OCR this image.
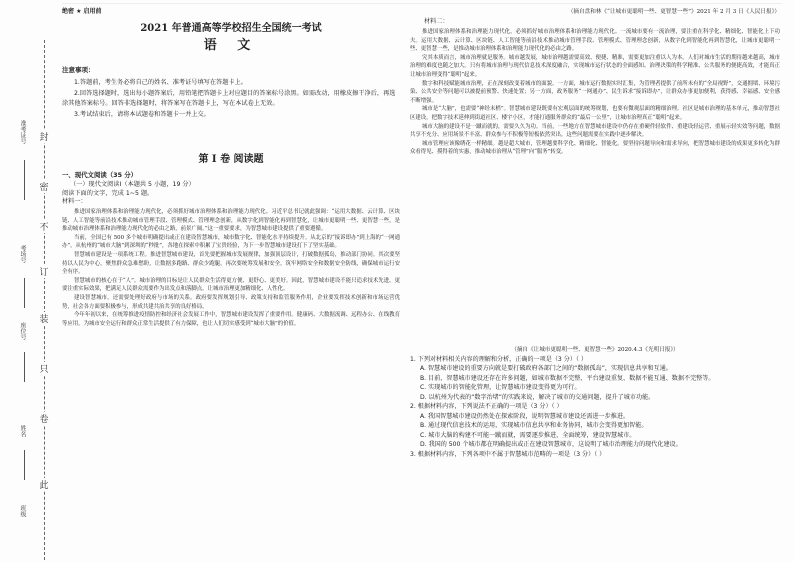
封
密
不
订
装
只
卷
此
准考证号
考场号
座位号
姓名
班级
绝密 ★ 启用前
2021 年普通高等学校招生全国统一考试
语 文
注意事项：

1.答题前，考生务必将自己的姓名、准考证号填写在答题卡上。

2.回答选择题时，选出每小题答案后，用铅笔把答题卡上对应题目的答案标号涂黑。如需改动，用橡皮擦干净后，再选涂其他答案标号。回答非选择题时，将答案写在答题卡上，写在本试卷上无效。

3.考试结束后，请将本试题卷和答题卡一并上交。

第 Ⅰ 卷 阅读题
一、现代文阅读（35 分）
（一）现代文阅读Ⅰ（本题共 5 小题，19 分）
阅读下面的文字，完成 1~5 题。
材料一：

推进国家治理体系和治理能力现代化，必须抓好城市治理体系和治理能力现代化。习近平总书记就此强调：“运用大数据、云计算、区块链、人工智能等前沿技术推动城市管理手段、管理模式、管理理念创新，从数字化到智能化再到智慧化，让城市更聪明一些、更智慧一些，是推动城市治理体系和治理能力现代化的必由之路，前景广阔。”这一重要要求，为智慧城市建设提供了重要遵循。

当前，全国已有 500 多个城市明确提出或正在建设智慧城市，城市数字化、智能化水平持续提升。从北京的“接诉即办”到上海的“一网通办”，从杭州的“城市大脑”到深圳的“秒批”，各地在探索中积累了宝贵经验，为下一步智慧城市建设打下了坚实基础。

智慧城市建设是一项系统工程。推进智慧城市建设，首先要把握城市发展规律，加强顶层设计，打破数据孤岛，推动部门协同。其次要坚持以人民为中心，聚焦群众急难愁盼，让数据多跑路、群众少跑腿。再次要统筹发展和安全，筑牢网络安全和数据安全防线，确保城市运行安全有序。

智慧城市的核心在于“人”。城市治理的目标是让人民群众生活得更方便、更舒心、更美好。因此，智慧城市建设不能只追求技术先进，更要注重实际效果，把满足人民群众需要作为出发点和落脚点，让城市治理更加精细化、人性化。

建设智慧城市，还需要处理好政府与市场的关系。政府要发挥规划引导、政策支持和监管服务作用，企业要发挥技术创新和市场运营优势，社会各方面要积极参与，形成共建共治共享的良好格局。

今年年初以来，在统筹推进疫情防控和经济社会发展工作中，智慧城市建设发挥了重要作用。健康码、大数据流调、远程办公、在线教育等应用，为城市安全运行和群众正常生活提供了有力保障，也让人们切实感受到“城市大脑”的价值。

（摘自盘和林《“让城市更聪明一些、更智慧一些”》2021 年 2 月 3 日《人民日报》）
材料二：

推进国家治理体系和治理能力现代化，必须抓好城市治理体系和治理能力现代化。一流城市要有一流治理，要注重在科学化、精细化、智能化上下功夫。运用大数据、云计算、区块链、人工智能等前沿技术推动城市管理手段、管理模式、管理理念创新，从数字化到智能化再到智慧化，让城市更聪明一些、更智慧一些，是推动城市治理体系和治理能力现代化的必由之路。

究其本质而言，城市治理就是服务。城市越发展，城市治理越需要高效、便捷、精准，需要更加注重以人为本。人们对城市生活的期待越来越高，城市治理的难度也随之加大。只有将城市治理与现代信息技术深度融合，实现城市运行状态的全面感知、治理决策的科学精准、公共服务的便捷高效，才能真正让城市治理变得“聪明”起来。

数字和科技赋能城市治理，正在深刻改变着城市的面貌。一方面，城市运行数据实时汇集，为管理者提供了前所未有的“全局视野”，交通拥堵、环境污染、公共安全等问题可以被提前预警、快速处置；另一方面，政务服务“一网通办”、民生诉求“接诉即办”，让群众办事更加便利，获得感、幸福感、安全感不断增强。

城市是“大脑”，也需要“神经末梢”。智慧城市建设既要有宏观层面的统筹规划，也要有微观层面的精细治理。社区是城市治理的基本单元，推动智慧社区建设，把数字技术延伸到街道社区、楼宇小区，才能打通服务群众的“最后一公里”，让城市治理真正“聪明”起来。

城市大脑的建设不是一蹴而就的，需要久久为功。当前，一些地方在智慧城市建设中仍存在重硬件轻软件、重建设轻运营、重展示轻实效等问题，数据共享不充分、应用场景不丰富、群众参与不积极等短板依然突出。这些问题需要在实践中逐步解决。

城市管理应该像绣花一样精细。越是超大城市，管理越要科学化、精细化、智能化。要坚持问题导向和需求导向，把智慧城市建设的成果更多转化为群众看得见、摸得着的实惠，推动城市治理从“管理”向“服务”转变。

（摘自《让城市更聪明一些、更智慧一些》2020.4.3《光明日报》）

1. 下列对材料相关内容的理解和分析，正确的一项是（3 分）（ ）

A. 智慧城市建设的重要方向就是要打破政府各部门之间的“数据孤岛”，实现信息共享和互通。

B. 目前，智慧城市建设还存在许多问题，如城市数据不完整、平台建设重复、数据不能互通、数据不完整等。

C. 实现城市的智能化管理，让智慧城市建设变得更为可行。

D. 以杭州为代表的“数字治堵”的实践来说，解决了城市的交通问题，提升了城市功能。

2. 根据材料内容，下列说法不正确的一项是（3 分）（ ）

A. 我国智慧城市建设仍然处在探索阶段，说明智慧城市建设还需进一步推进。

B. 通过现代信息技术的运用，实现城市信息共享和业务协同，城市会变得更加智能。

C. 城市大脑的构建不可能一蹴而就，需要逐步推进，全面统筹，建设智慧城市。

D. 我国的 500 个城市都在明确提出或正在建设智慧城市，这说明了城市治理能力的现代化建设。

3. 根据材料内容，下列各项中不属于智慧城市范畴的一项是（3 分）（ ）
